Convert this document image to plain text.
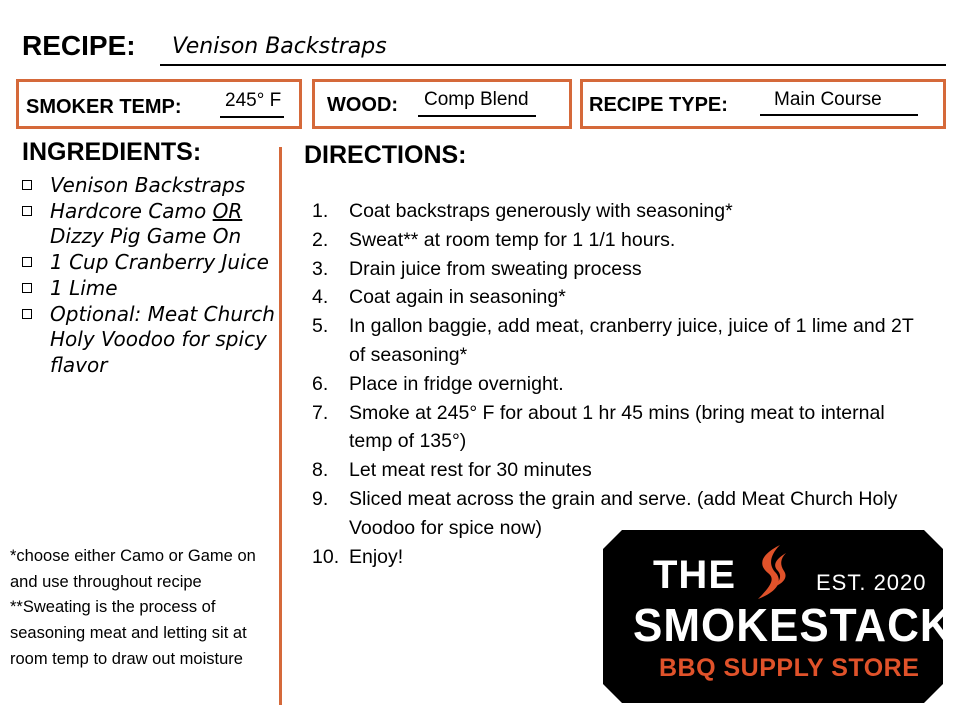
RECIPE: Venison Backstraps
SMOKER TEMP: 245° F WOOD: Comp Blend	RECIPE TYPE: Main Course
INGREDIENTS:	DIRECTIONS:
Venison Backstraps
Hardcore Camo OR Dizzy Pig Game On
1 Cup Cranberry Juice
1 Lime
Optional: Meat Church Holy Voodoo for spicy flavor
1. Coat backstraps generously with seasoning*
2. Sweat** at room temp for 1 1/1 hours.
3. Drain juice from sweating process
4. Coat again in seasoning*
5. In gallon baggie, add meat, cranberry juice, juice of 1 lime and 2T of seasoning*
6. Place in fridge overnight.
7. Smoke at 245° F for about 1 hr 45 mins (bring meat to internal temp of 135°)
8. Let meat rest for 30 minutes
9. Sliced meat across the grain and serve. (add Meat Church Holy Voodoo for spice now)
10. Enjoy!

*choose either Camo or Game on and use throughout recipe

**Sweating is the process of seasoning meat and letting sit at room temp to draw out moisture

THE	EST. 2020
SMOKESTACK
BBQ SUPPLY STORE
